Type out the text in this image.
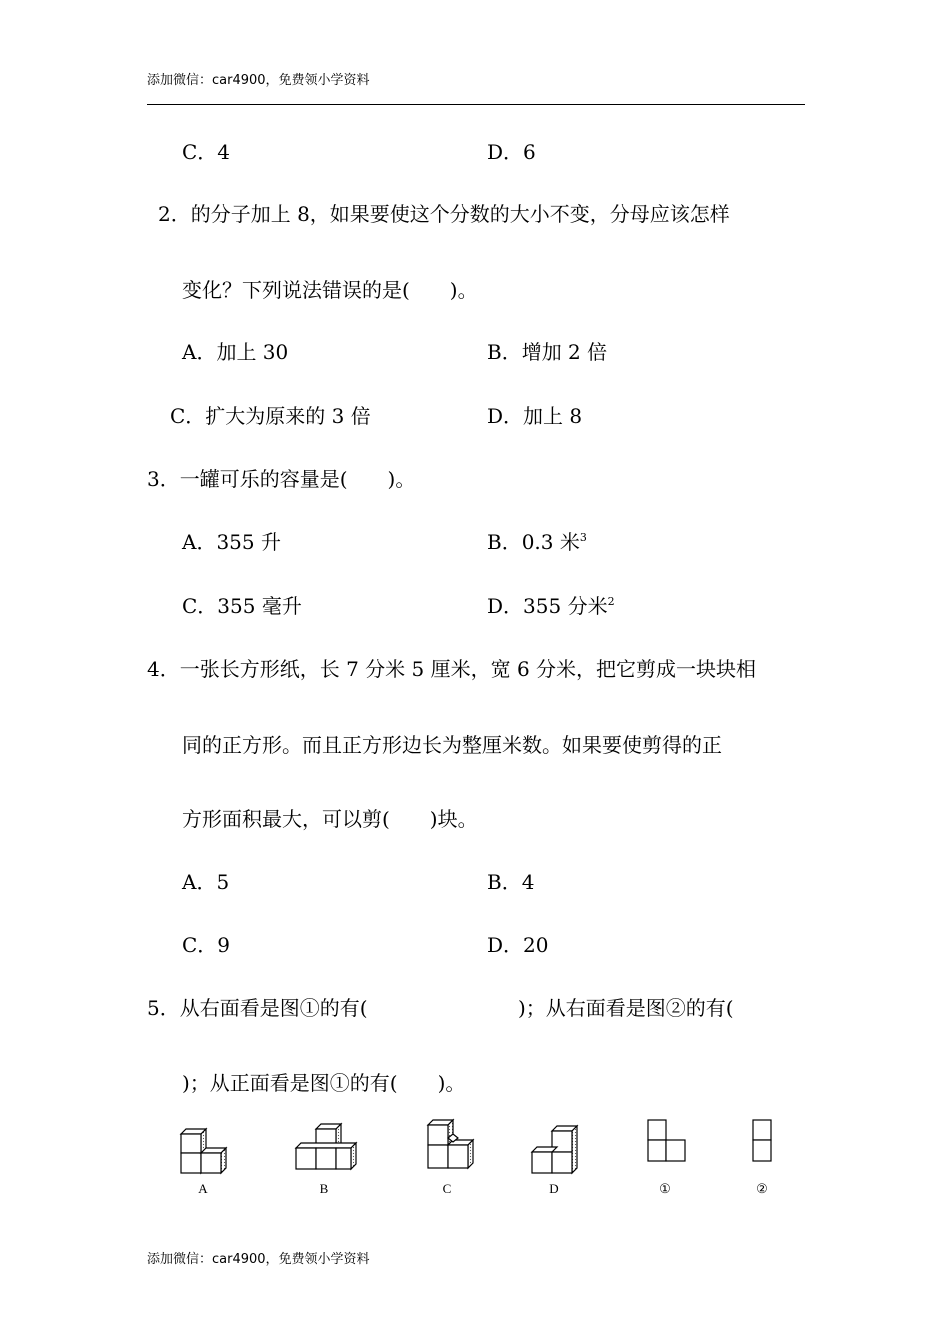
添加微信：car4900，免费领小学资料
C．4	D．6
2．的分子加上 8，如果要使这个分数的大小不变，分母应该怎样
变化？下列说法错误的是(　　)。
A．加上 30	B．增加 2 倍
C．扩大为原来的 3 倍	D．加上 8
3．一罐可乐的容量是(　　)。
A．355 升	B．0.3 米$^3$
C．355 毫升	D．355 分米$^2$
4．一张长方形纸，长 7 分米 5 厘米，宽 6 分米，把它剪成一块块相
同的正方形。而且正方形边长为整厘米数。如果要使剪得的正
方形面积最大，可以剪(　　)块。
A．5	B．4
C．9	D．20
5．从右面看是图①的有(	)；从右面看是图②的有(
)；从正面看是图①的有(　　)。
A	B	C	D	①	②
添加微信：car4900，免费领小学资料
